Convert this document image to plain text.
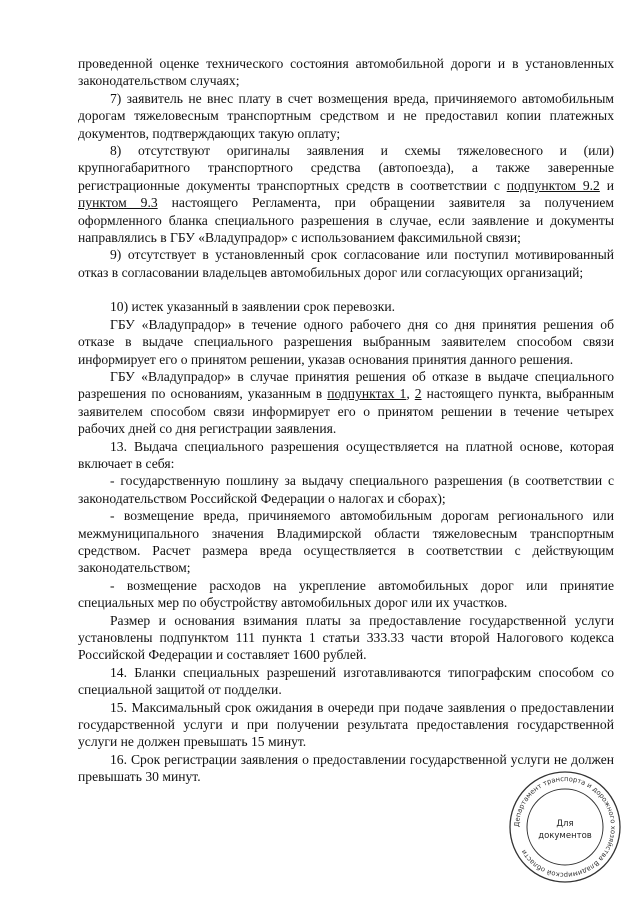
проведенной оценке технического состояния автомобильной дороги и в установленных законодательством случаях;

7) заявитель не внес плату в счет возмещения вреда, причиняемого автомобильным дорогам тяжеловесным транспортным средством и не предоставил копии платежных документов, подтверждающих такую оплату;

8) отсутствуют оригиналы заявления и схемы тяжеловесного и (или) крупногабаритного транспортного средства (автопоезда), а также заверенные регистрационные документы транспортных средств в соответствии с подпунктом 9.2 и пунктом 9.3 настоящего Регламента, при обращении заявителя за получением оформленного бланка специального разрешения в случае, если заявление и документы направлялись в ГБУ «Владупрадор» с использованием факсимильной связи;

9) отсутствует в установленный срок согласование или поступил мотивированный отказ в согласовании владельцев автомобильных дорог или согласующих организаций;

10) истек указанный в заявлении срок перевозки.

ГБУ «Владупрадор» в течение одного рабочего дня со дня принятия решения об отказе в выдаче специального разрешения выбранным заявителем способом связи информирует его о принятом решении, указав основания принятия данного решения.

ГБУ «Владупрадор» в случае принятия решения об отказе в выдаче специального разрешения по основаниям, указанным в подпунктах 1, 2 настоящего пункта, выбранным заявителем способом связи информирует его о принятом решении в течение четырех рабочих дней со дня регистрации заявления.

13. Выдача специального разрешения осуществляется на платной основе, которая включает в себя:

- государственную пошлину за выдачу специального разрешения (в соответствии с законодательством Российской Федерации о налогах и сборах);

- возмещение вреда, причиняемого автомобильным дорогам регионального или межмуниципального значения Владимирской области тяжеловесным транспортным средством. Расчет размера вреда осуществляется в соответствии с действующим законодательством;

- возмещение расходов на укрепление автомобильных дорог или принятие специальных мер по обустройству автомобильных дорог или их участков.

Размер и основания взимания платы за предоставление государственной услуги установлены подпунктом 111 пункта 1 статьи 333.33 части второй Налогового кодекса Российской Федерации и составляет 1600 рублей.

14. Бланки специальных разрешений изготавливаются типографским способом со специальной защитой от подделки.

15. Максимальный срок ожидания в очереди при подаче заявления о предоставлении государственной услуги и при получении результата предоставления государственной услуги не должен превышать 15 минут.

16. Срок регистрации заявления о предоставлении государственной услуги не должен превышать 30 минут.

Департамент транспорта и дорожного хозяйства Владимирской области
Для
документов
